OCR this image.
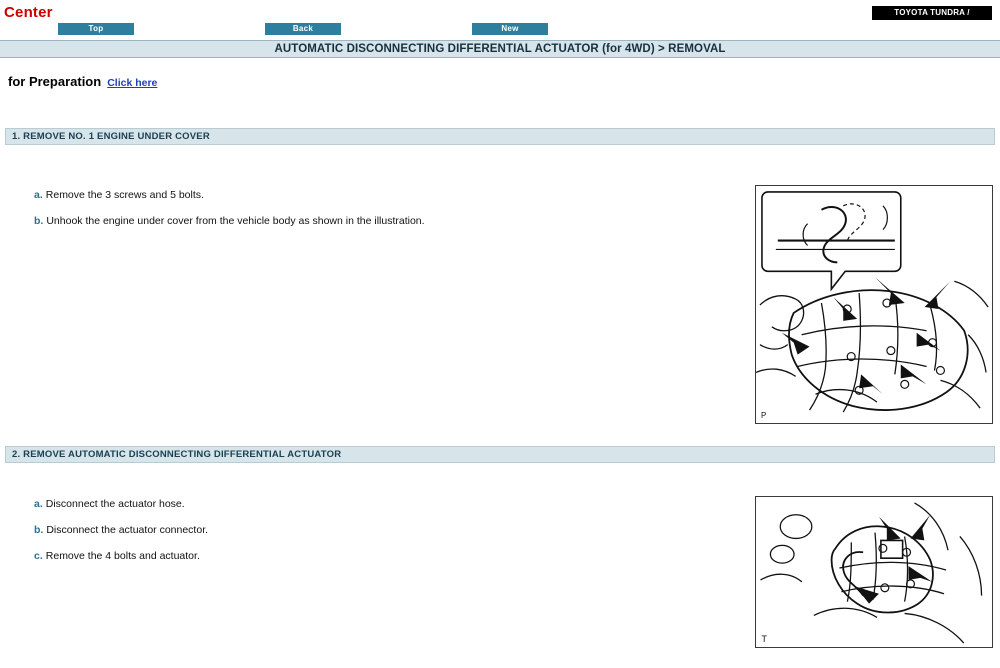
Center
Top	Back	New
TOYOTA TUNDRA /
AUTOMATIC DISCONNECTING DIFFERENTIAL ACTUATOR (for 4WD) > REMOVAL
for Preparation Click here
1. REMOVE NO. 1 ENGINE UNDER COVER
a. Remove the 3 screws and 5 bolts.
b. Unhook the engine under cover from the vehicle body as shown in the illustration.
P
2. REMOVE AUTOMATIC DISCONNECTING DIFFERENTIAL ACTUATOR
a. Disconnect the actuator hose.
b. Disconnect the actuator connector.
c. Remove the 4 bolts and actuator.
T
